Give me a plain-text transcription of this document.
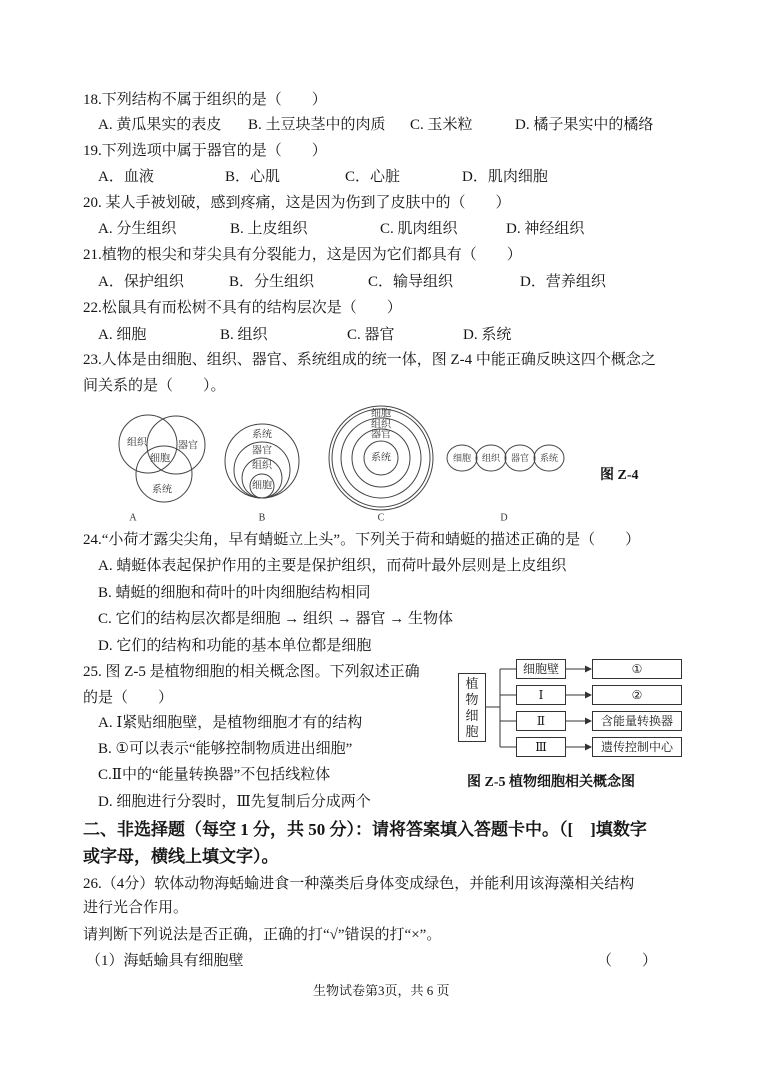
18.下列结构不属于组织的是（　　）
A. 黄瓜果实的表皮 B. 土豆块茎中的肉质 C. 玉米粒	D. 橘子果实中的橘络
19.下列选项中属于器官的是（　　）
A．血液	B．心肌	C．心脏	D．肌肉细胞
20. 某人手被划破，感到疼痛，这是因为伤到了皮肤中的（　　）
A. 分生组织	B. 上皮组织	C. 肌肉组织	D. 神经组织
21.植物的根尖和芽尖具有分裂能力，这是因为它们都具有（　　）
A．保护组织	B．分生组织	C．输导组织	D．营养组织
22.松鼠具有而松树不具有的结构层次是（　　）
A. 细胞	B. 组织	C. 器官	D. 系统
23.人体是由细胞、组织、器官、系统组成的统一体，图 Z-4 中能正确反映这四个概念之
间关系的是（　　）。
组织	器官
细胞
系统
A
系统
器官
组织
细胞
B
细胞
组织
器官
系统
C
细胞 组织 器官 系统
D
图 Z-4
24.“小荷才露尖尖角，早有蜻蜓立上头”。下列关于荷和蜻蜓的描述正确的是（　　）
A. 蜻蜓体表起保护作用的主要是保护组织，而荷叶最外层则是上皮组织
B. 蜻蜓的细胞和荷叶的叶肉细胞结构相同
C. 它们的结构层次都是细胞 → 组织 → 器官 → 生物体
D. 它们的结构和功能的基本单位都是细胞
25. 图 Z-5 是植物细胞的相关概念图。下列叙述正确
的是（　　）
A. Ⅰ紧贴细胞壁，是植物细胞才有的结构
B. ①可以表示“能够控制物质进出细胞”
C.Ⅱ中的“能量转换器”不包括线粒体
D. 细胞进行分裂时，Ⅲ先复制后分成两个
植物细胞
细胞壁
Ⅰ
Ⅱ
Ⅲ
①
②
含能量转换器
遗传控制中心
图 Z-5 植物细胞相关概念图
二、非选择题（每空 1 分，共 50 分）：请将答案填入答题卡中。（[　]填数字
或字母，横线上填文字）。
26.（4分）软体动物海蛞蝓进食一种藻类后身体变成绿色，并能利用该海藻相关结构
进行光合作用。
请判断下列说法是否正确，正确的打“√”错误的打“×”。
（1）海蛞蝓具有细胞壁	（　　）
生物试卷第3页，共 6 页
